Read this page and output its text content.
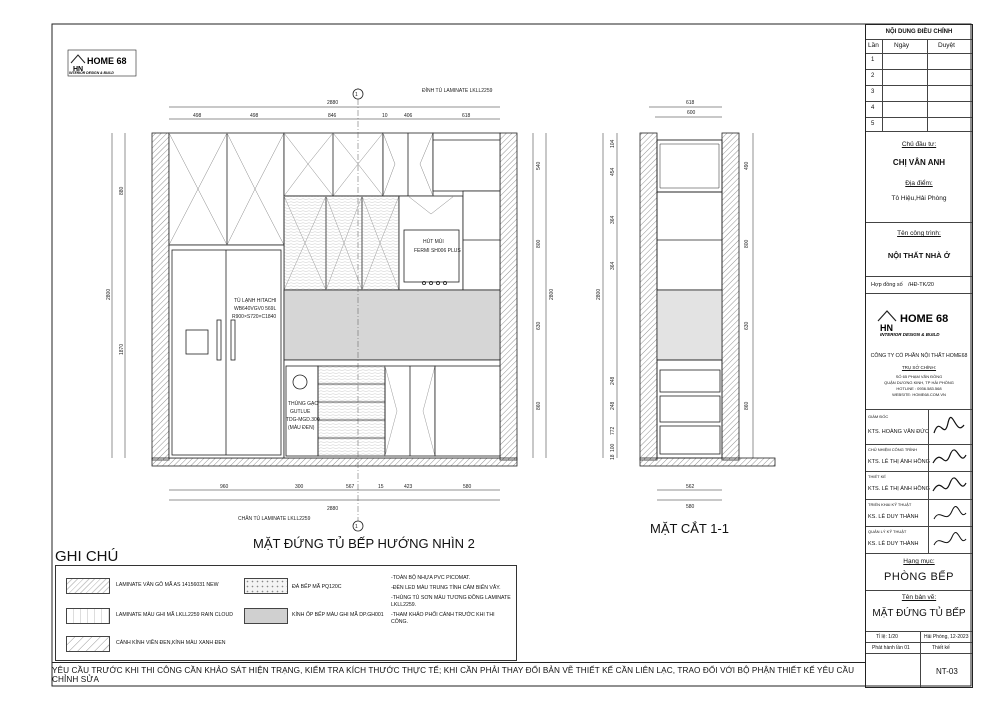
ĐỈNH TỦ LAMINATE LKLL2259
CHÂN TỦ LAMINATE LKLL2259
2880
498	498	846	10	406	618
960	300	567	423	580
15
2880
2800
880
1870
540
800
630
860
2800
TỦ LẠNH HITACHI
WB640VGV0 569L
R900×S720×C1840
HÚT MÙI
FERMI SH006 PLUS
THÙNG GẠO
GUTLUE
TDG-MGD.300
(MÀU ĐEN)
1
1
MẶT ĐỨNG TỦ BẾP HƯỚNG NHÌN 2
618
600
562
580
2800
490
800
630
860
104
454
364
364
248
248
772
100
18
MẶT CẮT 1-1
HN
HOME 68
INTERIOR DESIGN & BUILD
GHI CHÚ
LAMINATE VÂN GỖ MÃ AS 14156031 NEW
LAMINATE MÀU GHI MÃ LKLL2259 RAIN CLOUD
CÁNH KÍNH VIỀN ĐEN,KÍNH MÀU XANH ĐEN
ĐÁ BẾP MÃ PQ120C
KÍNH ỐP BẾP MÀU GHI MÃ DP.GH001
-TOÀN BỘ NHỰA PVC PICOMAT.
-ĐÈN LED MÀU TRUNG TÍNH CẢM BIẾN VẪY.
-THÙNG TỦ SƠN MÀU TƯƠNG ĐỒNG LAMINATE LKLL2259.
-THAM KHẢO PHỐI CÁNH TRƯỚC KHI THI CÔNG.
YÊU CẦU TRƯỚC KHI THI CÔNG CẦN KHẢO SÁT HIỆN TRẠNG, KIỂM TRA KÍCH THƯỚC THỰC TẾ; KHI CẦN PHẢI THAY ĐỔI BẢN VẼ THIẾT KẾ CẦN LIÊN LẠC, TRAO ĐỔI VỚI BỘ PHẬN THIẾT KẾ YÊU CẦU CHỈNH SỬA
NỘI DUNG ĐIỀU CHỈNH
Lần Ngày	Duyệt
1
2
3
4
5
Chủ đầu tư:
CHỊ VÂN ANH
Địa điểm:
Tô Hiệu,Hải Phòng
Tên công trình:
NỘI THẤT NHÀ Ở
Hợp đồng số /HĐ-TK/20
HN
HOME 68
INTERIOR DESIGN & BUILD
CÔNG TY CỔ PHẦN NỘI THẤT HOME68
TRỤ SỞ CHÍNH:
SỐ 65 PHẠM VĂN ĐỒNG
QUẬN DƯƠNG KINH, TP HẢI PHÒNG
HOTLINE : 0936.583.568
WEBSITE: HOME68.COM.VN
GIÁM ĐỐC
KTS. HOÀNG VĂN ĐỨC
CHỦ NHIỆM CÔNG TRÌNH
KTS. LÊ THỊ ÁNH HỒNG
THIẾT KẾ
KTS. LÊ THỊ ÁNH HỒNG
TRIỂN KHAI KỸ THUẬT
KS. LÊ DUY THÀNH
QUẢN LÝ KỸ THUẬT
KS. LÊ DUY THÀNH
Hạng mục:
PHÒNG BẾP
Tên bản vẽ:
MẶT ĐỨNG TỦ BẾP
Tỉ lệ: 1/20	Hải Phòng, 12-2023
Phát hành lần 01	Thiết kế
NT-03
